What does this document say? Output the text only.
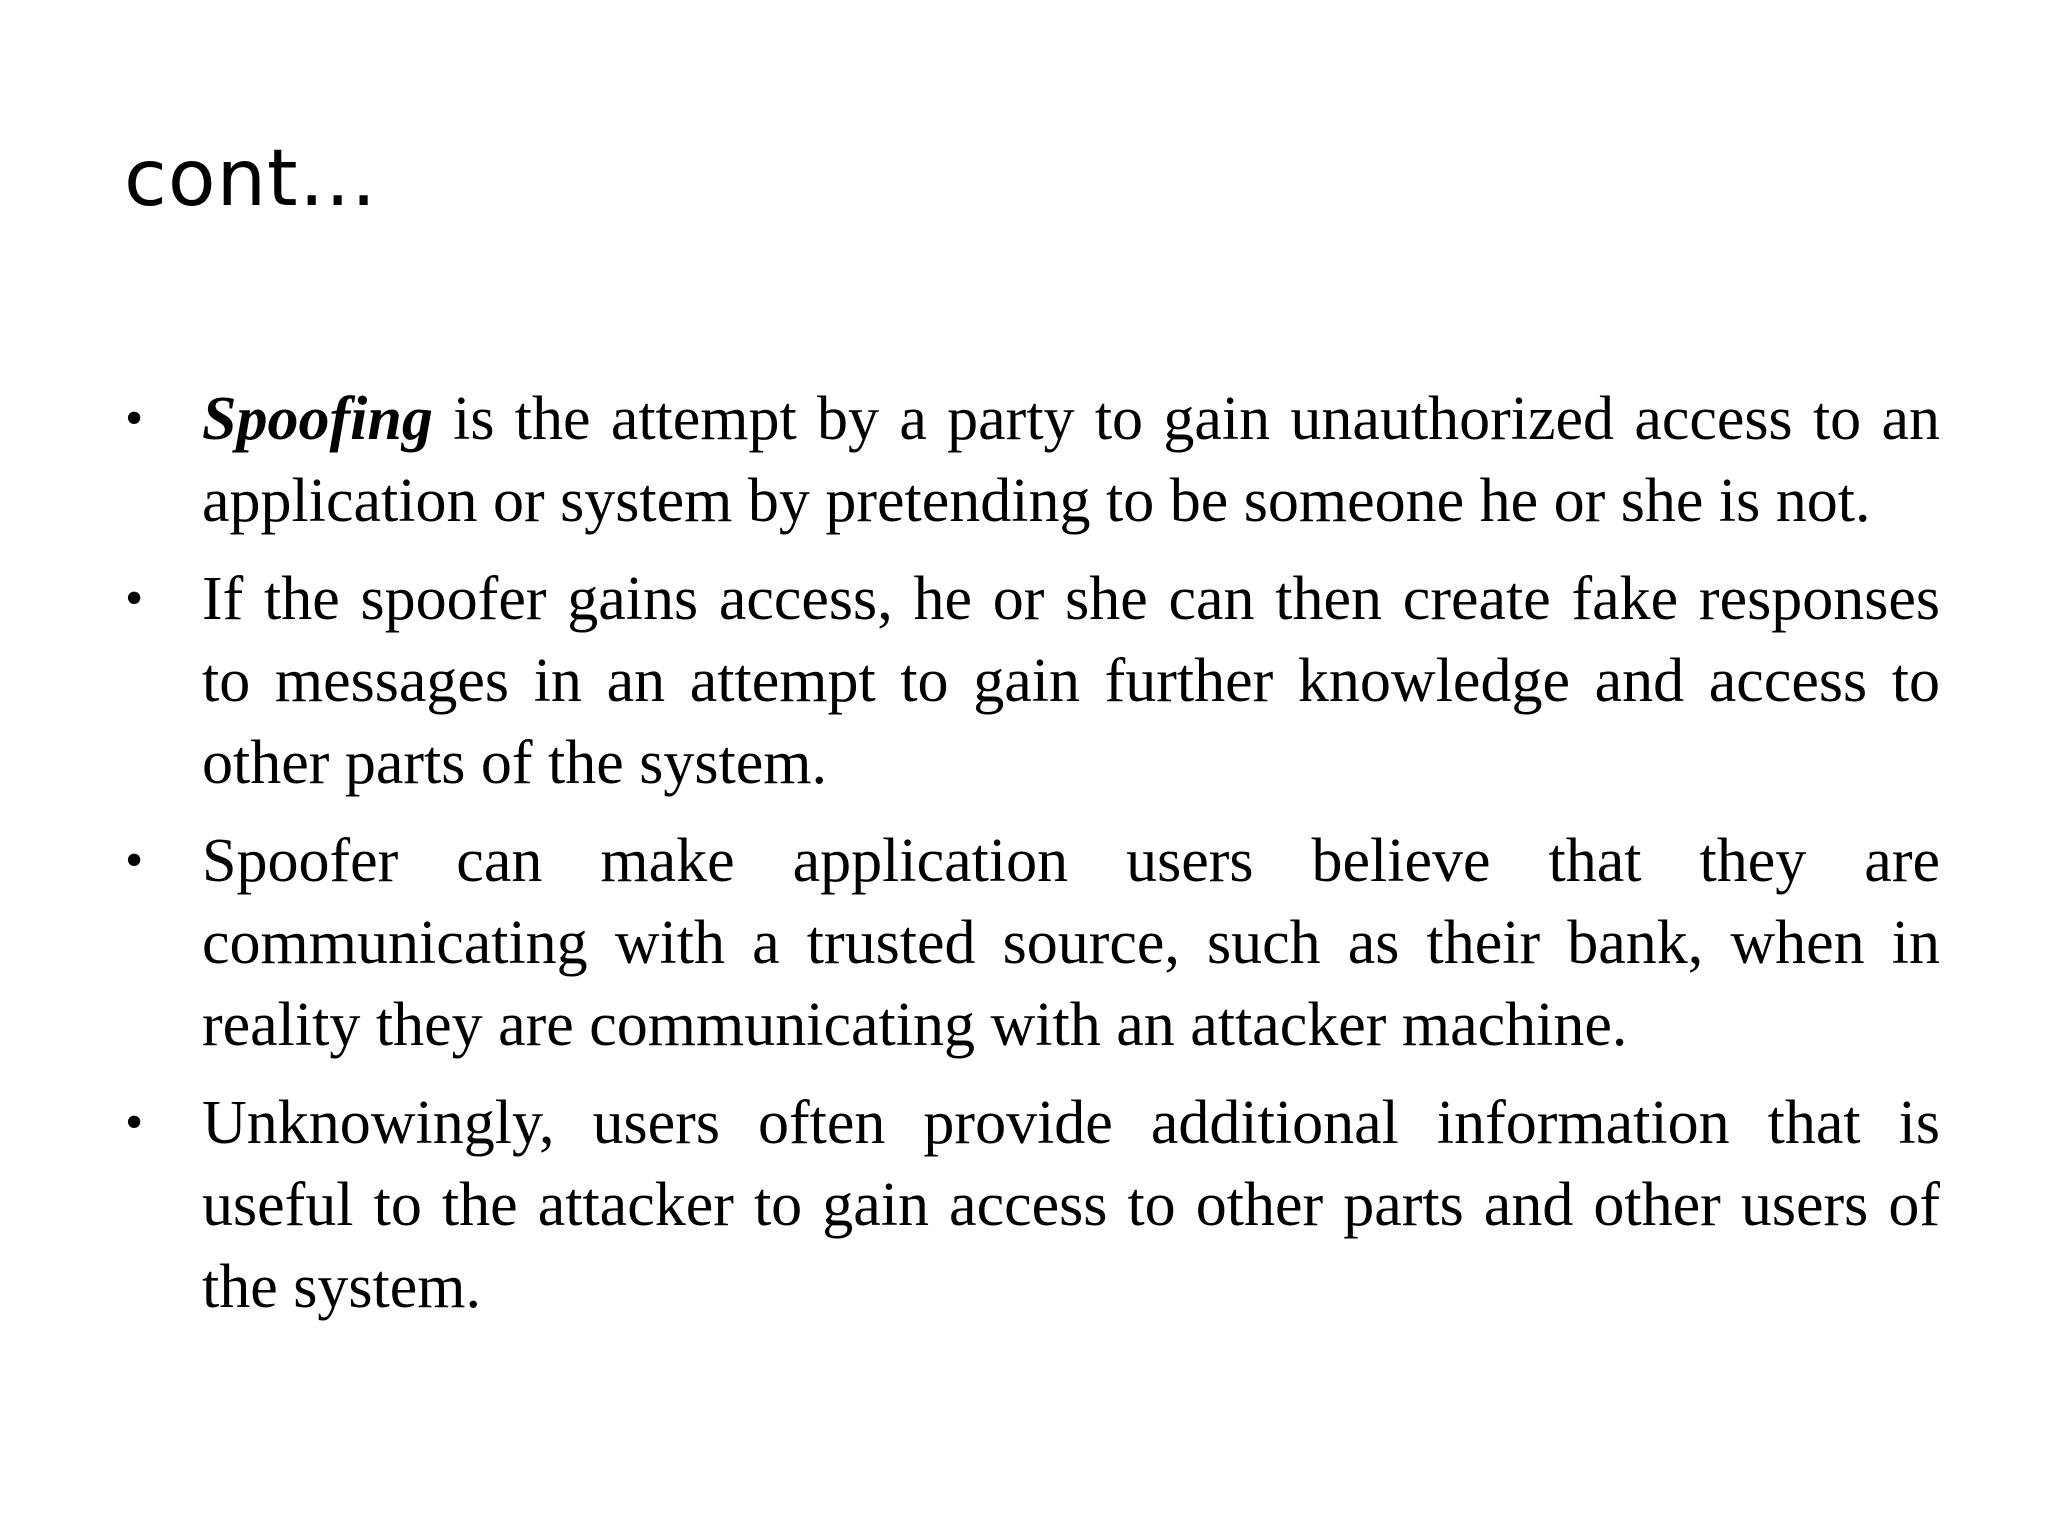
cont…
• Spoofing is the attempt by a party to gain unauthorized access to an application or system by pretending to be someone he or she is not.
• If the spoofer gains access, he or she can then create fake responses to messages in an attempt to gain further knowledge and access to other parts of the system.
• Spoofer can make application users believe that they are communicating with a trusted source, such as their bank, when in reality they are communicating with an attacker machine.
• Unknowingly, users often provide additional information that is useful to the attacker to gain access to other parts and other users of the system.
